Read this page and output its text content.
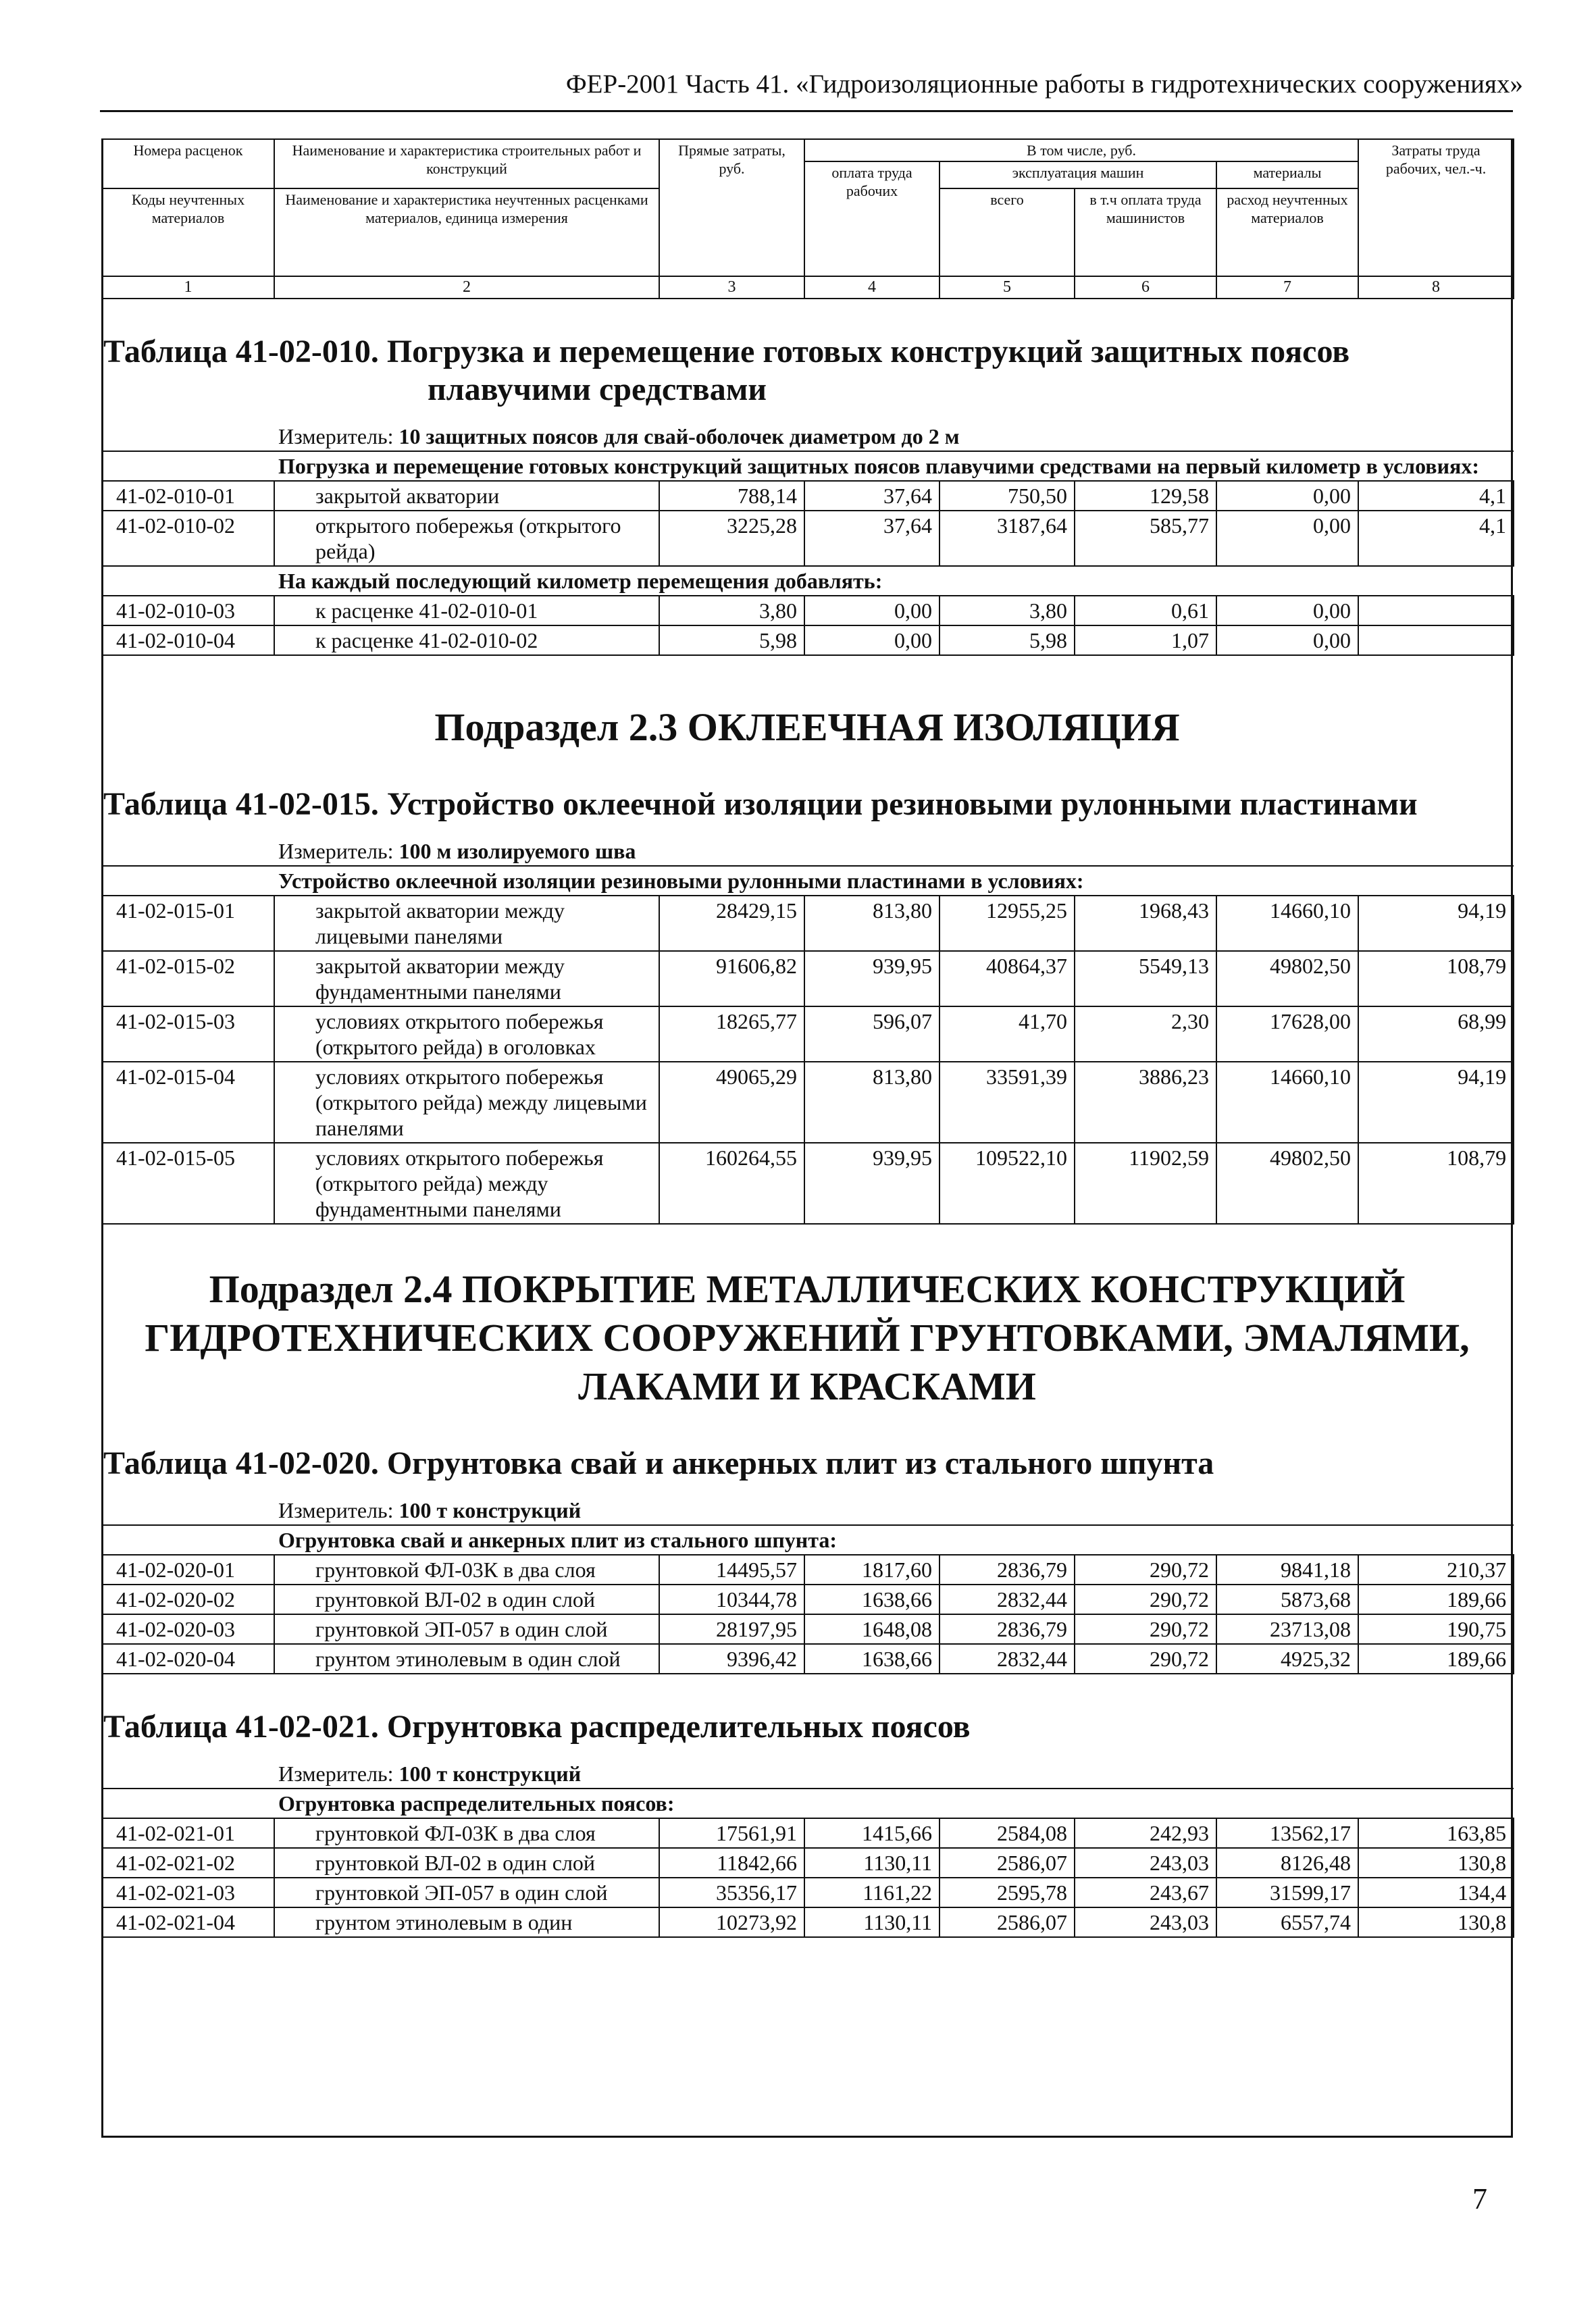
ФЕР-2001 Часть 41. «Гидроизоляционные работы в гидротехнических сооружениях»
Номера расценок	Наименование и характеристика строительных работ и конструкций	Прямые затраты, руб.	В том числе, руб.				Затраты труда рабочих, чел.-ч.
			оплата труда рабочих	эксплуатация машин		материалы	
Коды неучтенных материалов	Наименование и характеристика неучтенных расценками материалов, единица измерения			всего	в т.ч оплата труда машинистов	расход неучтенных материалов	

1	2	3	4	5	6	7	8
Таблица 41-02-010. Погрузка и перемещение готовых конструкций защитных поясов
плавучими средствами
	Измеритель: 10 защитных поясов для свай-оболочек диаметром до 2 м						
	Погрузка и перемещение готовых конструкций защитных поясов плавучими средствами на первый километр в условиях:						
41-02-010-01	закрытой акватории	788,14	37,64	750,50	129,58	0,00	4,1
41-02-010-02	открытого побережья (открытого рейда)	3225,28	37,64	3187,64	585,77	0,00	4,1
	На каждый последующий километр перемещения добавлять:						
41-02-010-03	к расценке 41-02-010-01	3,80	0,00	3,80	0,61	0,00	
41-02-010-04	к расценке 41-02-010-02	5,98	0,00	5,98	1,07	0,00	
Подраздел 2.3 ОКЛЕЕЧНАЯ ИЗОЛЯЦИЯ
Таблица 41-02-015. Устройство оклеечной изоляции резиновыми рулонными пластинами
	Измеритель: 100 м изолируемого шва						
	Устройство оклеечной изоляции резиновыми рулонными пластинами в условиях:						
41-02-015-01	закрытой акватории между лицевыми панелями	28429,15	813,80	12955,25	1968,43	14660,10	94,19
41-02-015-02	закрытой акватории между фундаментными панелями	91606,82	939,95	40864,37	5549,13	49802,50	108,79
41-02-015-03	условиях открытого побережья (открытого рейда) в оголовках	18265,77	596,07	41,70	2,30	17628,00	68,99
41-02-015-04	условиях открытого побережья (открытого рейда) между лицевыми панелями	49065,29	813,80	33591,39	3886,23	14660,10	94,19
41-02-015-05	условиях открытого побережья (открытого рейда) между фундаментными панелями	160264,55	939,95	109522,10	11902,59	49802,50	108,79
Подраздел 2.4 ПОКРЫТИЕ МЕТАЛЛИЧЕСКИХ КОНСТРУКЦИЙ
ГИДРОТЕХНИЧЕСКИХ СООРУЖЕНИЙ ГРУНТОВКАМИ, ЭМАЛЯМИ,
ЛАКАМИ И КРАСКАМИ
Таблица 41-02-020. Огрунтовка свай и анкерных плит из стального шпунта
	Измеритель: 100 т конструкций						
	Огрунтовка свай и анкерных плит из стального шпунта:						
41-02-020-01	грунтовкой ФЛ-03К в два слоя	14495,57	1817,60	2836,79	290,72	9841,18	210,37
41-02-020-02	грунтовкой ВЛ-02 в один слой	10344,78	1638,66	2832,44	290,72	5873,68	189,66
41-02-020-03	грунтовкой ЭП-057 в один слой	28197,95	1648,08	2836,79	290,72	23713,08	190,75
41-02-020-04	грунтом этинолевым в один слой	9396,42	1638,66	2832,44	290,72	4925,32	189,66
Таблица 41-02-021. Огрунтовка распределительных поясов
	Измеритель: 100 т конструкций						
	Огрунтовка распределительных поясов:						
41-02-021-01	грунтовкой ФЛ-03К в два слоя	17561,91	1415,66	2584,08	242,93	13562,17	163,85
41-02-021-02	грунтовкой ВЛ-02 в один слой	11842,66	1130,11	2586,07	243,03	8126,48	130,8
41-02-021-03	грунтовкой ЭП-057 в один слой	35356,17	1161,22	2595,78	243,67	31599,17	134,4
41-02-021-04	грунтом этинолевым в один	10273,92	1130,11	2586,07	243,03	6557,74	130,8
7
